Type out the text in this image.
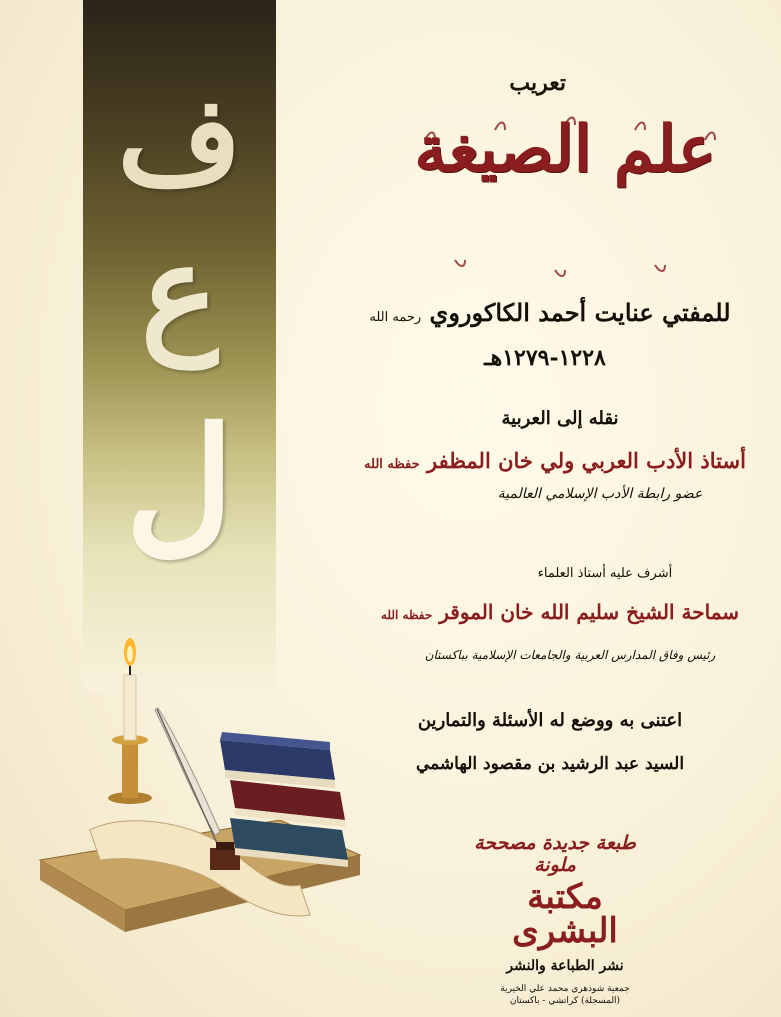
ف
ع
ل
تعريب
علم الصيغة
للمفتي عنايت أحمد الكاكوروي رحمه الله
١٢٢٨-١٢٧٩هـ
نقله إلى العربية
أستاذ الأدب العربي ولي خان المظفر حفظه الله
عضو رابطة الأدب الإسلامي العالمية
أشرف عليه أستاذ العلماء
سماحة الشيخ سليم الله خان الموقر حفظه الله
رئيس وفاق المدارس العربية والجامعات الإسلامية بباكستان
اعتنى به ووضع له الأسئلة والتمارين
السيد عبد الرشيد بن مقصود الهاشمي
طبعة جديدة مصححة ملونة
مكتبة البشرى
نشر الطباعة والنشر
جمعية شودهري محمد علي الخيرية (المسجلة) كراتشي - باكستان
